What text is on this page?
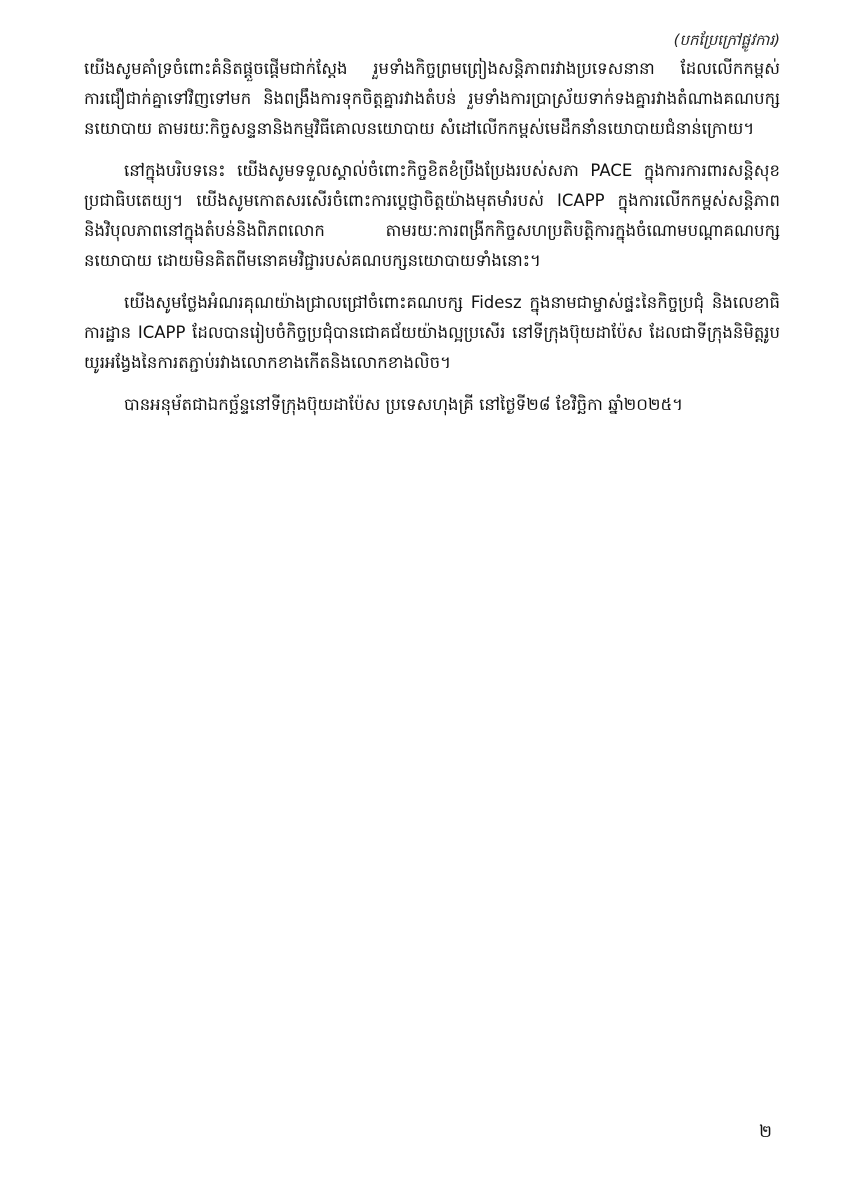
(បកប្រែក្រៅផ្លូវការ)

យើងសូមគាំទ្រចំពោះគំនិតផ្តួចផ្តើមជាក់ស្តែង រួមទាំងកិច្ចព្រមព្រៀងសន្តិភាពរវាងប្រទេសនានា ដែលលើកកម្ពស់ការជឿជាក់គ្នាទៅវិញទៅមក និងពង្រឹងការទុកចិត្តគ្នារវាងតំបន់ រួមទាំងការប្រាស្រ័យទាក់ទងគ្នារវាងតំណាងគណបក្សនយោបាយ តាមរយៈកិច្ចសន្ទនានិងកម្មវិធីគោលនយោបាយ សំដៅលើកកម្ពស់មេដឹកនាំនយោបាយជំនាន់ក្រោយ។

នៅក្នុងបរិបទនេះ យើងសូមទទួលស្គាល់ចំពោះកិច្ចខិតខំប្រឹងប្រែងរបស់សភា PACE ក្នុងការការពារសន្តិសុខប្រជាធិបតេយ្យ។ យើងសូមកោតសរសើរចំពោះការប្តេជ្ញាចិត្តយ៉ាងមុតមាំរបស់ ICAPP ក្នុងការលើកកម្ពស់សន្តិភាព និងវិបុលភាពនៅក្នុងតំបន់និងពិភពលោក តាមរយៈការពង្រីកកិច្ចសហប្រតិបត្តិការក្នុងចំណោមបណ្តាគណបក្សនយោបាយ ដោយមិនគិតពីមនោគមវិជ្ជារបស់គណបក្សនយោបាយទាំងនោះ។

យើងសូមថ្លែងអំណរគុណយ៉ាងជ្រាលជ្រៅចំពោះគណបក្ស Fidesz ក្នុងនាមជាម្ចាស់ផ្ទះនៃកិច្ចប្រជុំ និងលេខាធិការដ្ឋាន ICAPP ដែលបានរៀបចំកិច្ចប្រជុំបានជោគជ័យយ៉ាងល្អប្រសើរ នៅទីក្រុងប៊ុយដាប៉ែស ដែលជាទីក្រុងនិមិត្តរូបយូរអង្វែងនៃការតភ្ជាប់រវាងលោកខាងកើតនិងលោកខាងលិច។

បានអនុម័តជាឯកច្ឆ័ន្ទនៅទីក្រុងប៊ុយដាប៉ែស ប្រទេសហុងគ្រី នៅថ្ងៃទី២៨ ខែវិច្ឆិកា ឆ្នាំ២០២៥។

២
